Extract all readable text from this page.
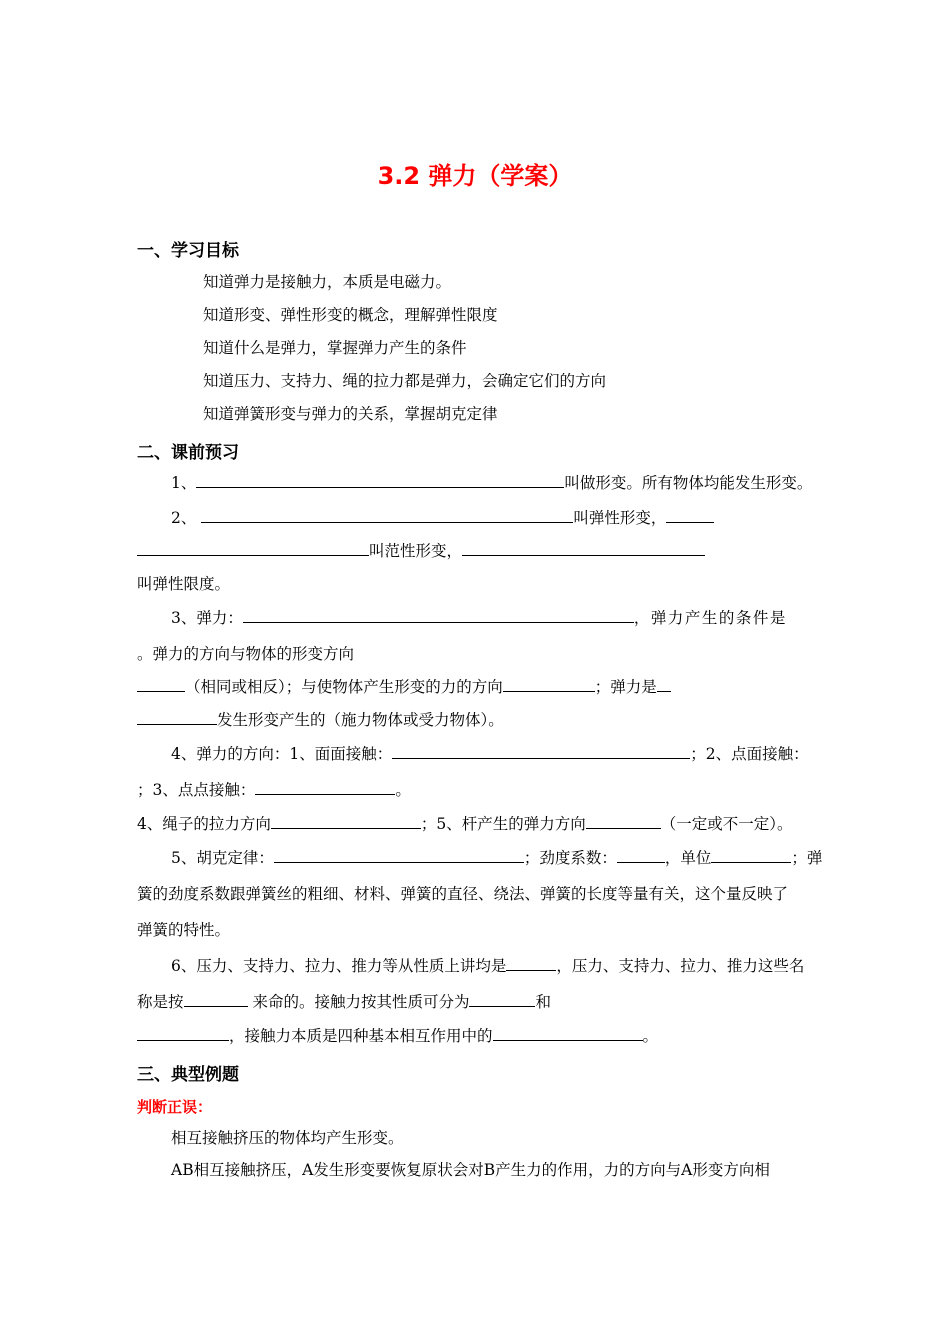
3.2 弹力（学案）
一、学习目标
知道弹力是接触力，本质是电磁力。
知道形变、弹性形变的概念，理解弹性限度
知道什么是弹力，掌握弹力产生的条件
知道压力、支持力、绳的拉力都是弹力，会确定它们的方向
知道弹簧形变与弹力的关系，掌握胡克定律
二、课前预习
1、	叫做形变。所有物体均能发生形变。
2、	叫弹性形变，
叫范性形变，
叫弹性限度。
3、弹力：	，弹力产生的条件是
。弹力的方向与物体的形变方向
（相同或相反）；与使物体产生形变的力的方向	；弹力是
发生形变产生的（施力物体或受力物体）。
4、弹力的方向：1、面面接触：	；2、点面接触：
；3、点点接触：	。
4、绳子的拉力方向	；5、杆产生的弹力方向	（一定或不一定）。
5、胡克定律：	；劲度系数：	，单位	；弹
簧的劲度系数跟弹簧丝的粗细、材料、弹簧的直径、绕法、弹簧的长度等量有关，这个量反映了
弹簧的特性。
6、压力、支持力、拉力、推力等从性质上讲均是	，压力、支持力、拉力、推力这些名
称是按	来命的。接触力按其性质可分为	和
，接触力本质是四种基本相互作用中的	。
三、典型例题
判断正误：
相互接触挤压的物体均产生形变。
AB相互接触挤压，A发生形变要恢复原状会对B产生力的作用，力的方向与A形变方向相
